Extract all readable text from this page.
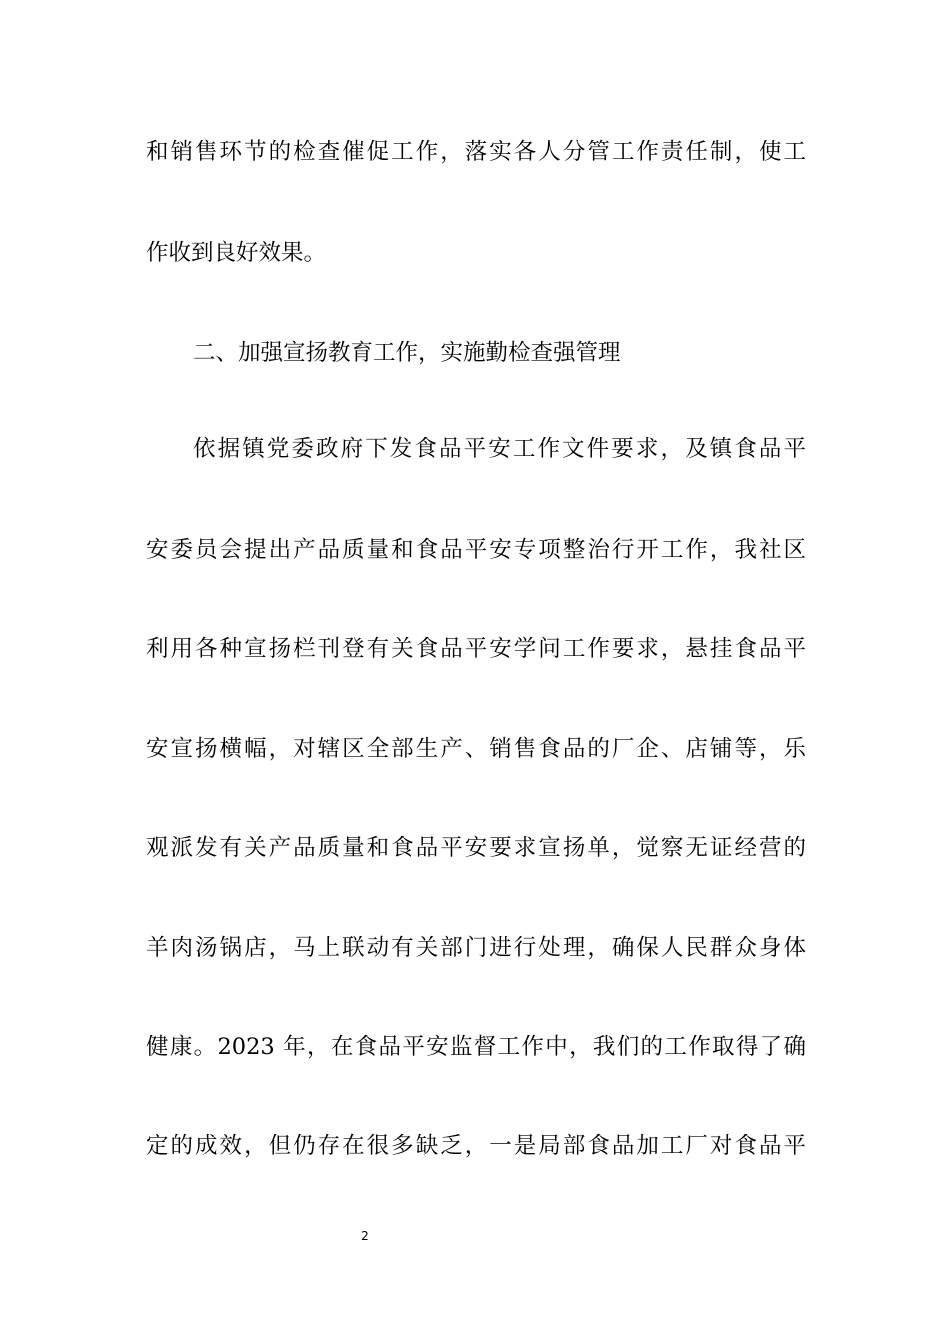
和销售环节的检查催促工作，落实各人分管工作责任制，使工
作收到良好效果。
二、加强宣扬教育工作，实施勤检查强管理
依据镇党委政府下发食品平安工作文件要求，及镇食品平
安委员会提出产品质量和食品平安专项整治行开工作，我社区
利用各种宣扬栏刊登有关食品平安学问工作要求，悬挂食品平
安宣扬横幅，对辖区全部生产、销售食品的厂企、店铺等，乐
观派发有关产品质量和食品平安要求宣扬单，觉察无证经营的
羊肉汤锅店，马上联动有关部门进行处理，确保人民群众身体
健康。2023 年，在食品平安监督工作中，我们的工作取得了确
定的成效，但仍存在很多缺乏，一是局部食品加工厂对食品平
2
